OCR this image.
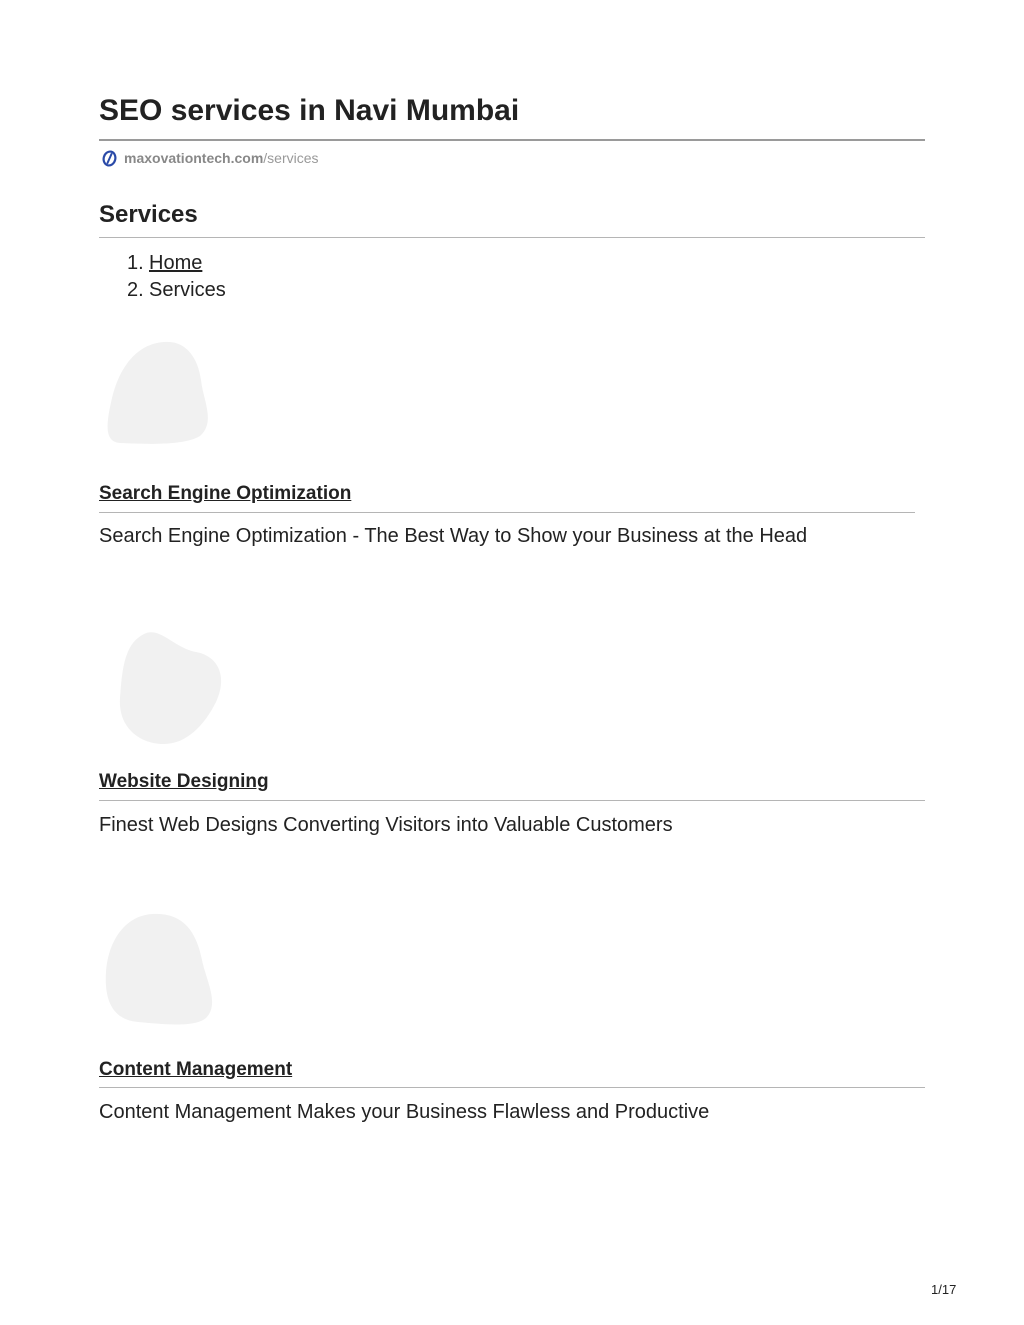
SEO services in Navi Mumbai
maxovationtech.com /services
Services
1. Home
2. Services
Search Engine Optimization

Search Engine Optimization - The Best Way to Show your Business at the Head

Website Designing

Finest Web Designs Converting Visitors into Valuable Customers

Content Management

Content Management Makes your Business Flawless and Productive

1/17
